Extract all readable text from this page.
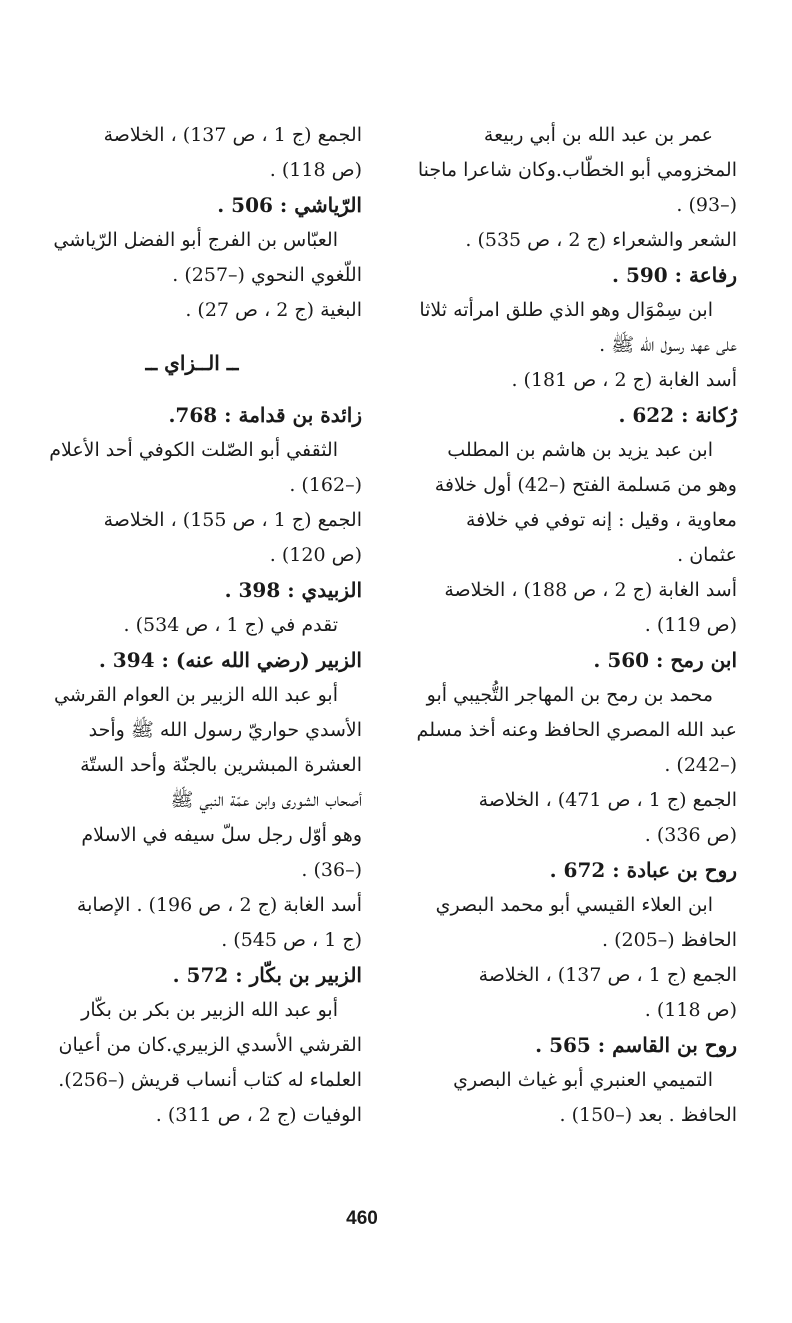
عمر بن عبد الله بن أبي ربيعة
المخزومي أبو الخطّاب.وكان شاعرا ماجنا
(–93) .
الشعر والشعراء (ج 2 ، ص 535) .
رفاعة : 590 .
ابن سِمْوَال وهو الذي طلق امرأته ثلاثا
على عهد رسول الله ﷺ .
أسد الغابة (ج 2 ، ص 181) .
رُكانة : 622 .
ابن عبد يزيد بن هاشم بن المطلب
وهو من مَسلمة الفتح (–42) أول خلافة
معاوية ، وقيل : إنه توفي في خلافة
عثمان .
أسد الغابة (ج 2 ، ص 188) ، الخلاصة
(ص 119) .
ابن رمح : 560 .
محمد بن رمح بن المهاجر التُّجيبي أبو
عبد الله المصري الحافظ وعنه أخذ مسلم
(–242) .
الجمع (ج 1 ، ص 471) ، الخلاصة
(ص 336) .
روح بن عبادة : 672 .
ابن العلاء القيسي أبو محمد البصري
الحافظ (–205) .
الجمع (ج 1 ، ص 137) ، الخلاصة
(ص 118) .
روح بن القاسم : 565 .
التميمي العنبري أبو غياث البصري
الحافظ . بعد (–150) .
الجمع (ج 1 ، ص 137) ، الخلاصة
(ص 118) .
الرّياشي : 506 .
العبّاس بن الفرج أبو الفضل الرّياشي
اللّغوي النحوي (–257) .
البغية (ج 2 ، ص 27) .
ــ الــزاي ــ
زائدة بن قدامة : 768.
الثقفي أبو الصّلت الكوفي أحد الأعلام
(–162) .
الجمع (ج 1 ، ص 155) ، الخلاصة
(ص 120) .
الزبيدي : 398 .
تقدم في (ج 1 ، ص 534) .
الزبير (رضي الله عنه) : 394 .
أبو عبد الله الزبير بن العوام القرشي
الأسدي حواريّ رسول الله ﷺ وأحد
العشرة المبشرين بالجنّة وأحد الستّة
أصحاب الشورى وابن عمّة النبي ﷺ
وهو أوّل رجل سلّ سيفه في الاسلام
(–36) .
أسد الغابة (ج 2 ، ص 196) . الإصابة
(ج 1 ، ص 545) .
الزبير بن بكّار : 572 .
أبو عبد الله الزبير بن بكر بن بكّار
القرشي الأسدي الزبيري.كان من أعيان
العلماء له كتاب أنساب قريش (–256).
الوفيات (ج 2 ، ص 311) .
460
